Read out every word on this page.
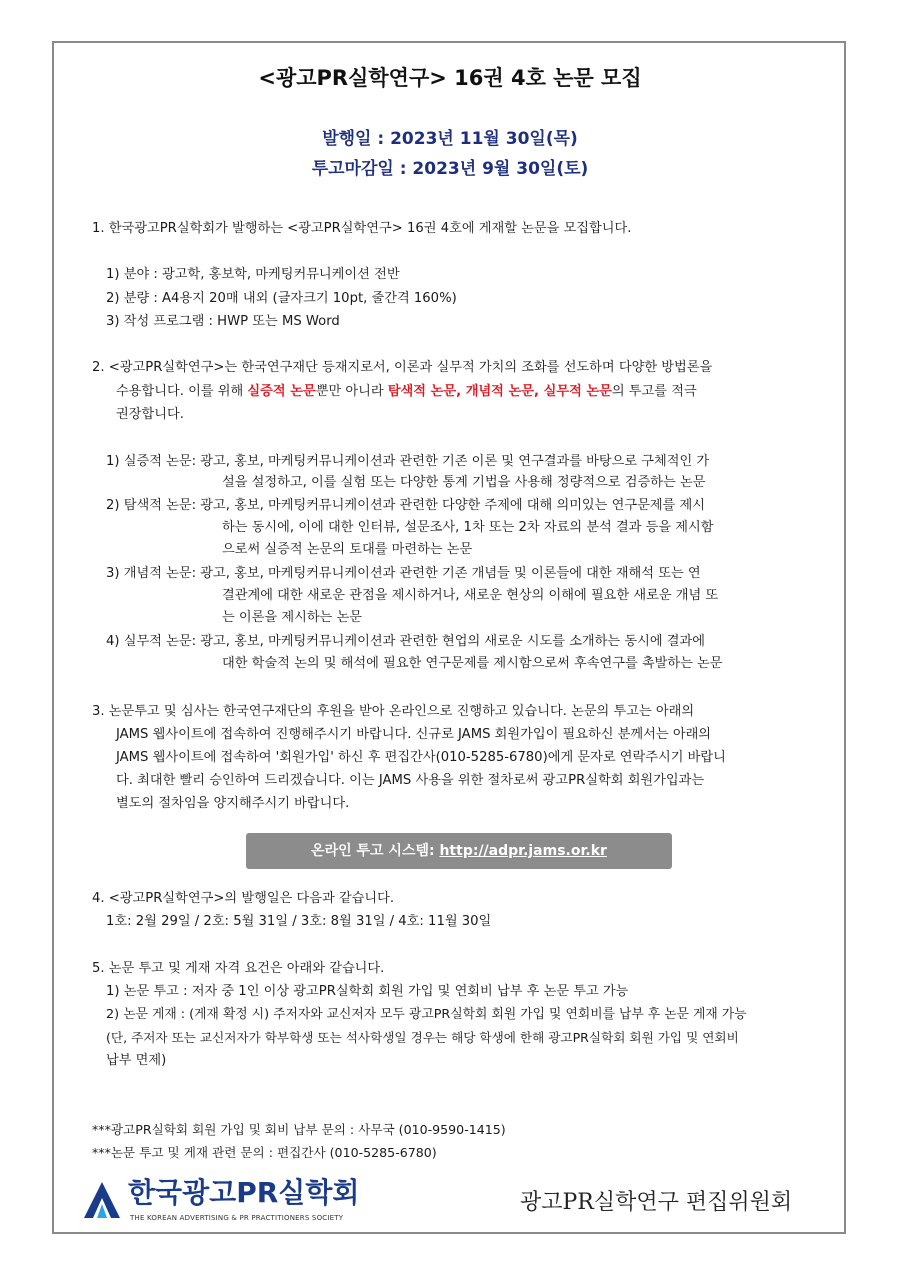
<광고PR실학연구> 16권 4호 논문 모집
발행일 : 2023년 11월 30일(목)
투고마감일 : 2023년 9월 30일(토)
1. 한국광고PR실학회가 발행하는 <광고PR실학연구> 16권 4호에 게재할 논문을 모집합니다.
1) 분야 : 광고학, 홍보학, 마케팅커뮤니케이션 전반
2) 분량 : A4용지 20매 내외 (글자크기 10pt, 줄간격 160%)
3) 작성 프로그램 : HWP 또는 MS Word
2. <광고PR실학연구>는 한국연구재단 등재지로서, 이론과 실무적 가치의 조화를 선도하며 다양한 방법론을
수용합니다. 이를 위해 실증적 논문뿐만 아니라 탐색적 논문, 개념적 논문, 실무적 논문의 투고를 적극
권장합니다.
1) 실증적 논문: 광고, 홍보, 마케팅커뮤니케이션과 관련한 기존 이론 및 연구결과를 바탕으로 구체적인 가
설을 설정하고, 이를 실험 또는 다양한 통계 기법을 사용해 정량적으로 검증하는 논문
2) 탐색적 논문: 광고, 홍보, 마케팅커뮤니케이션과 관련한 다양한 주제에 대해 의미있는 연구문제를 제시
하는 동시에, 이에 대한 인터뷰, 설문조사, 1차 또는 2차 자료의 분석 결과 등을 제시함
으로써 실증적 논문의 토대를 마련하는 논문
3) 개념적 논문: 광고, 홍보, 마케팅커뮤니케이션과 관련한 기존 개념들 및 이론들에 대한 재해석 또는 연
결관계에 대한 새로운 관점을 제시하거나, 새로운 현상의 이해에 필요한 새로운 개념 또
는 이론을 제시하는 논문
4) 실무적 논문: 광고, 홍보, 마케팅커뮤니케이션과 관련한 현업의 새로운 시도를 소개하는 동시에 결과에
대한 학술적 논의 및 해석에 필요한 연구문제를 제시함으로써 후속연구를 촉발하는 논문
3. 논문투고 및 심사는 한국연구재단의 후원을 받아 온라인으로 진행하고 있습니다. 논문의 투고는 아래의
JAMS 웹사이트에 접속하여 진행해주시기 바랍니다. 신규로 JAMS 회원가입이 필요하신 분께서는 아래의
JAMS 웹사이트에 접속하여 '회원가입' 하신 후 편집간사(010-5285-6780)에게 문자로 연락주시기 바랍니
다. 최대한 빨리 승인하여 드리겠습니다. 이는 JAMS 사용을 위한 절차로써 광고PR실학회 회원가입과는
별도의 절차임을 양지해주시기 바랍니다.
온라인 투고 시스템: http://adpr.jams.or.kr
4. <광고PR실학연구>의 발행일은 다음과 같습니다.
1호: 2월 29일 / 2호: 5월 31일 / 3호: 8월 31일 / 4호: 11월 30일
5. 논문 투고 및 게재 자격 요건은 아래와 같습니다.
1) 논문 투고 : 저자 중 1인 이상 광고PR실학회 회원 가입 및 연회비 납부 후 논문 투고 가능
2) 논문 게재 : (게재 확정 시) 주저자와 교신저자 모두 광고PR실학회 회원 가입 및 연회비를 납부 후 논문 게재 가능
(단, 주저자 또는 교신저자가 학부학생 또는 석사학생일 경우는 해당 학생에 한해 광고PR실학회 회원 가입 및 연회비
납부 면제)
***광고PR실학회 회원 가입 및 회비 납부 문의 : 사무국 (010-9590-1415)
***논문 투고 및 게재 관련 문의 : 편집간사 (010-5285-6780)
한국광고PR실학회
THE KOREAN ADVERTISING & PR PRACTITIONERS SOCIETY
광고PR실학연구 편집위원회
